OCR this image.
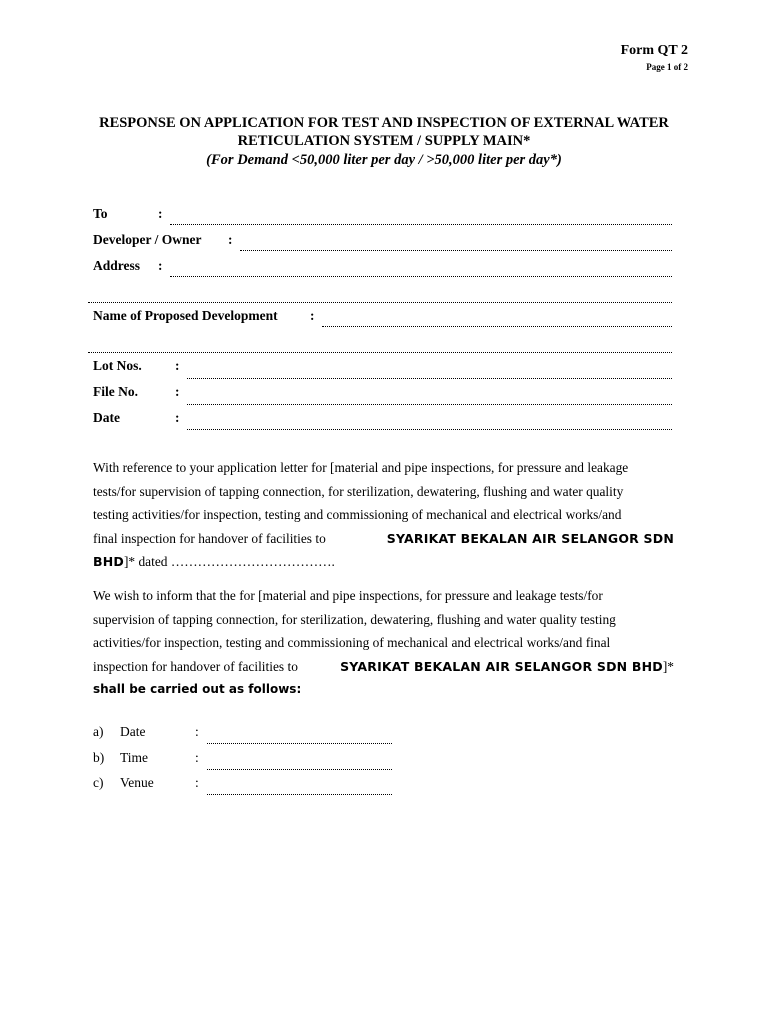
Form QT 2
Page 1 of 2
RESPONSE ON APPLICATION FOR TEST AND INSPECTION OF EXTERNAL WATER
RETICULATION SYSTEM / SUPPLY MAIN*
(For Demand <50,000 liter per day / >50,000 liter per day*)
To	:
Developer / Owner :
Address :
Name of Proposed Development :
Lot Nos. :
File No.	:
Date	:
With reference to your application letter for [material and pipe inspections, for pressure and leakage
tests/for supervision of tapping connection, for sterilization, dewatering, flushing and water quality
testing activities/for inspection, testing and commissioning of mechanical and electrical works/and
final inspection for handover of facilities to	SYARIKAT BEKALAN AIR SELANGOR SDN
BHD]* dated ……………………………….
We wish to inform that the for [material and pipe inspections, for pressure and leakage tests/for
supervision of tapping connection, for sterilization, dewatering, flushing and water quality testing
activities/for inspection, testing and commissioning of mechanical and electrical works/and final
inspection for handover of facilities to	SYARIKAT BEKALAN AIR SELANGOR SDN BHD]*
shall be carried out as follows:
a) Date	:
b) Time	:
c) Venue	:
